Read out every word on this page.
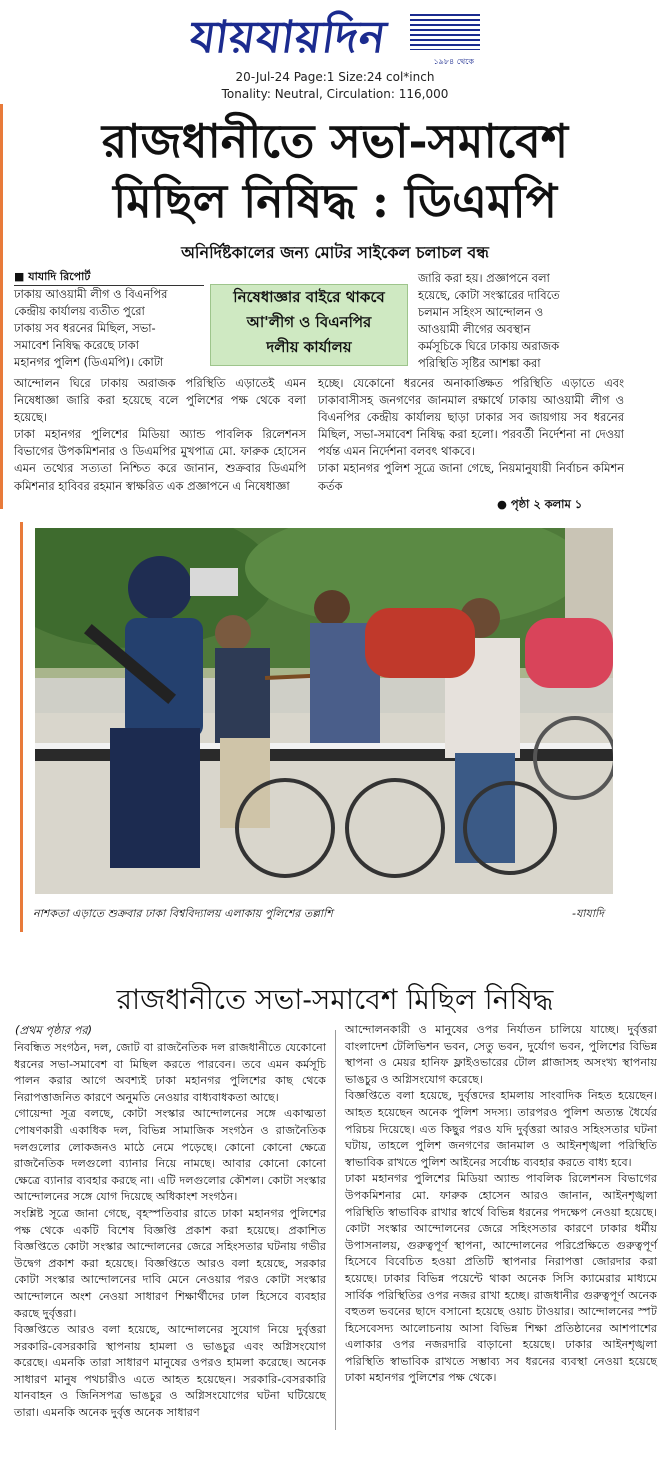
যায়যায়দিন	১৯৮৪ থেকে
20-Jul-24 Page:1 Size:24 col*inch
Tonality: Neutral, Circulation: 116,000
রাজধানীতে সভা-সমাবেশ
মিছিল নিষিদ্ধ : ডিএমপি
অনির্দিষ্টকালের জন্য মোটর সাইকেল চলাচল বন্ধ

■ যাযাদি রিপোর্ট

ঢাকায় আওয়ামী লীগ ও বিএনপির

কেন্দ্রীয় কার্যালয় ব্যতীত পুরো

ঢাকায় সব ধরনের মিছিল, সভা-

সমাবেশ নিষিদ্ধ করেছে ঢাকা

মহানগর পুলিশ (ডিএমপি)। কোটা

নিষেধাজ্ঞার বাইরে থাকবে
আ'লীগ ও বিএনপির
দলীয় কার্যালয়

জারি করা হয়। প্রজ্ঞাপনে বলা

হয়েছে, কোটা সংস্কারের দাবিতে

চলমান সহিংস আন্দোলন ও

আওয়ামী লীগের অবস্থান

কর্মসূচিকে ঘিরে ঢাকায় অরাজক

পরিস্থিতি সৃষ্টির আশঙ্কা করা

আন্দোলন ঘিরে ঢাকায় অরাজক পরিস্থিতি এড়াতেই এমন নিষেধাজ্ঞা জারি করা হয়েছে বলে পুলিশের পক্ষ থেকে বলা হয়েছে।

ঢাকা মহানগর পুলিশের মিডিয়া অ্যান্ড পাবলিক রিলেশনস বিভাগের উপকমিশনার ও ডিএমপির মুখপাত্র মো. ফারুক হোসেন এমন তথ্যের সত্যতা নিশ্চিত করে জানান, শুক্রবার ডিএমপি কমিশনার হাবিবর রহমান স্বাক্ষরিত এক প্রজ্ঞাপনে এ নিষেধাজ্ঞা

হচ্ছে। যেকোনো ধরনের অনাকাঙ্ক্ষিত পরিস্থিতি এড়াতে এবং ঢাকাবাসীসহ জনগণের জানমাল রক্ষার্থে ঢাকায় আওয়ামী লীগ ও বিএনপির কেন্দ্রীয় কার্যালয় ছাড়া ঢাকার সব জায়গায় সব ধরনের মিছিল, সভা-সমাবেশ নিষিদ্ধ করা হলো। পরবর্তী নির্দেশনা না দেওয়া পর্যন্ত এমন নির্দেশনা বলবৎ থাকবে।

ঢাকা মহানগর পুলিশ সূত্রে জানা গেছে, নিয়মানুযায়ী নির্বাচন কমিশন কর্তক

● পৃষ্ঠা ২ কলাম ১
নাশকতা এড়াতে শুক্রবার ঢাকা বিশ্ববিদ্যালয় এলাকায় পুলিশের তল্লাশি	-যাযাদি
রাজধানীতে সভা-সমাবেশ মিছিল নিষিদ্ধ
(প্রথম পৃষ্ঠার পর)

নিবন্ধিত সংগঠন, দল, জোট বা রাজনৈতিক দল রাজধানীতে যেকোনো ধরনের সভা-সমাবেশ বা মিছিল করতে পারবেন। তবে এমন কর্মসূচি পালন করার আগে অবশ্যই ঢাকা মহানগর পুলিশের কাছ থেকে নিরাপত্তাজনিত কারণে অনুমতি নেওয়ার বাধ্যবাধকতা আছে।

গোয়েন্দা সূত্র বলছে, কোটা সংস্কার আন্দোলনের সঙ্গে একাত্মতা পোষণকারী একাধিক দল, বিভিন্ন সামাজিক সংগঠন ও রাজনৈতিক দলগুলোর লোকজনও মাঠে নেমে পড়েছে। কোনো কোনো ক্ষেত্রে রাজনৈতিক দলগুলো ব্যানার নিয়ে নামছে। আবার কোনো কোনো ক্ষেত্রে ব্যানার ব্যবহার করছে না। এটি দলগুলোর কৌশল। কোটা সংস্কার আন্দোলনের সঙ্গে যোগ দিয়েছে অধিকাংশ সংগঠন।

সংশ্লিষ্ট সূত্রে জানা গেছে, বৃহস্পতিবার রাতে ঢাকা মহানগর পুলিশের পক্ষ থেকে একটি বিশেষ বিজ্ঞপ্তি প্রকাশ করা হয়েছে। প্রকাশিত বিজ্ঞপ্তিতে কোটা সংস্কার আন্দোলনের জেরে সহিংসতার ঘটনায় গভীর উদ্বেগ প্রকাশ করা হয়েছে। বিজ্ঞপ্তিতে আরও বলা হয়েছে, সরকার কোটা সংস্কার আন্দোলনের দাবি মেনে নেওয়ার পরও কোটা সংস্কার আন্দোলনে অংশ নেওয়া সাধারণ শিক্ষার্থীদের ঢাল হিসেবে ব্যবহার করছে দুর্বৃত্তরা।

বিজ্ঞপ্তিতে আরও বলা হয়েছে, আন্দোলনের সুযোগ নিয়ে দুর্বৃত্তরা সরকারি-বেসরকারি স্থাপনায় হামলা ও ভাঙচুর এবং অগ্নিসংযোগ করেছে। এমনকি তারা সাধারণ মানুষের ওপরও হামলা করেছে। অনেক সাধারণ মানুষ পথচারীও এতে আহত হয়েছেন। সরকারি-বেসরকারি যানবাহন ও জিনিসপত্র ভাঙচুর ও অগ্নিসংযোগের ঘটনা ঘটিয়েছে তারা। এমনকি অনেক দুর্বৃত্ত অনেক সাধারণ

আন্দোলনকারী ও মানুষের ওপর নির্যাতন চালিয়ে যাচ্ছে। দুর্বৃত্তরা বাংলাদেশ টেলিভিশন ভবন, সেতু ভবন, দুর্যোগ ভবন, পুলিশের বিভিন্ন স্থাপনা ও মেয়র হানিফ ফ্লাইওভারের টোল প্লাজাসহ অসংখ্য স্থাপনায় ভাঙচুর ও অগ্নিসংযোগ করেছে।

বিজ্ঞপ্তিতে বলা হয়েছে, দুর্বৃত্তদের হামলায় সাংবাদিক নিহত হয়েছেন। আহত হয়েছেন অনেক পুলিশ সদস্য। তারপরও পুলিশ অত্যন্ত ধৈর্যের পরিচয় দিয়েছে। এত কিছুর পরও যদি দুর্বৃত্তরা আরও সহিংসতার ঘটনা ঘটায়, তাহলে পুলিশ জনগণের জানমাল ও আইনশৃঙ্খলা পরিস্থিতি স্বাভাবিক রাখতে পুলিশ আইনের সর্বোচ্চ ব্যবহার করতে বাধ্য হবে।

ঢাকা মহানগর পুলিশের মিডিয়া অ্যান্ড পাবলিক রিলেশনস বিভাগের উপকমিশনার মো. ফারুক হোসেন আরও জানান, আইনশৃঙ্খলা পরিস্থিতি স্বাভাবিক রাখার স্বার্থে বিভিন্ন ধরনের পদক্ষেপ নেওয়া হয়েছে। কোটা সংস্কার আন্দোলনের জেরে সহিংসতার কারণে ঢাকার ধর্মীয় উপাসনালয়, গুরুত্বপূর্ণ স্থাপনা, আন্দোলনের পরিপ্রেক্ষিতে গুরুত্বপূর্ণ হিসেবে বিবেচিত হওয়া প্রতিটি স্থাপনার নিরাপত্তা জোরদার করা হয়েছে। ঢাকার বিভিন্ন পয়েন্টে থাকা অনেক সিসি ক্যামেরার মাধ্যমে সার্বিক পরিস্থিতির ওপর নজর রাখা হচ্ছে। রাজধানীর গুরুত্বপূর্ণ অনেক বহুতল ভবনের ছাদে বসানো হয়েছে ওয়াচ টাওয়ার। আন্দোলনের স্পট হিসেবেসদ্য আলোচনায় আসা বিভিন্ন শিক্ষা প্রতিষ্ঠানের আশপাশের এলাকার ওপর নজরদারি বাড়ানো হয়েছে। ঢাকার আইনশৃঙ্খলা পরিস্থিতি স্বাভাবিক রাখতে সম্ভাব্য সব ধরনের ব্যবস্থা নেওয়া হয়েছে ঢাকা মহানগর পুলিশের পক্ষ থেকে।
